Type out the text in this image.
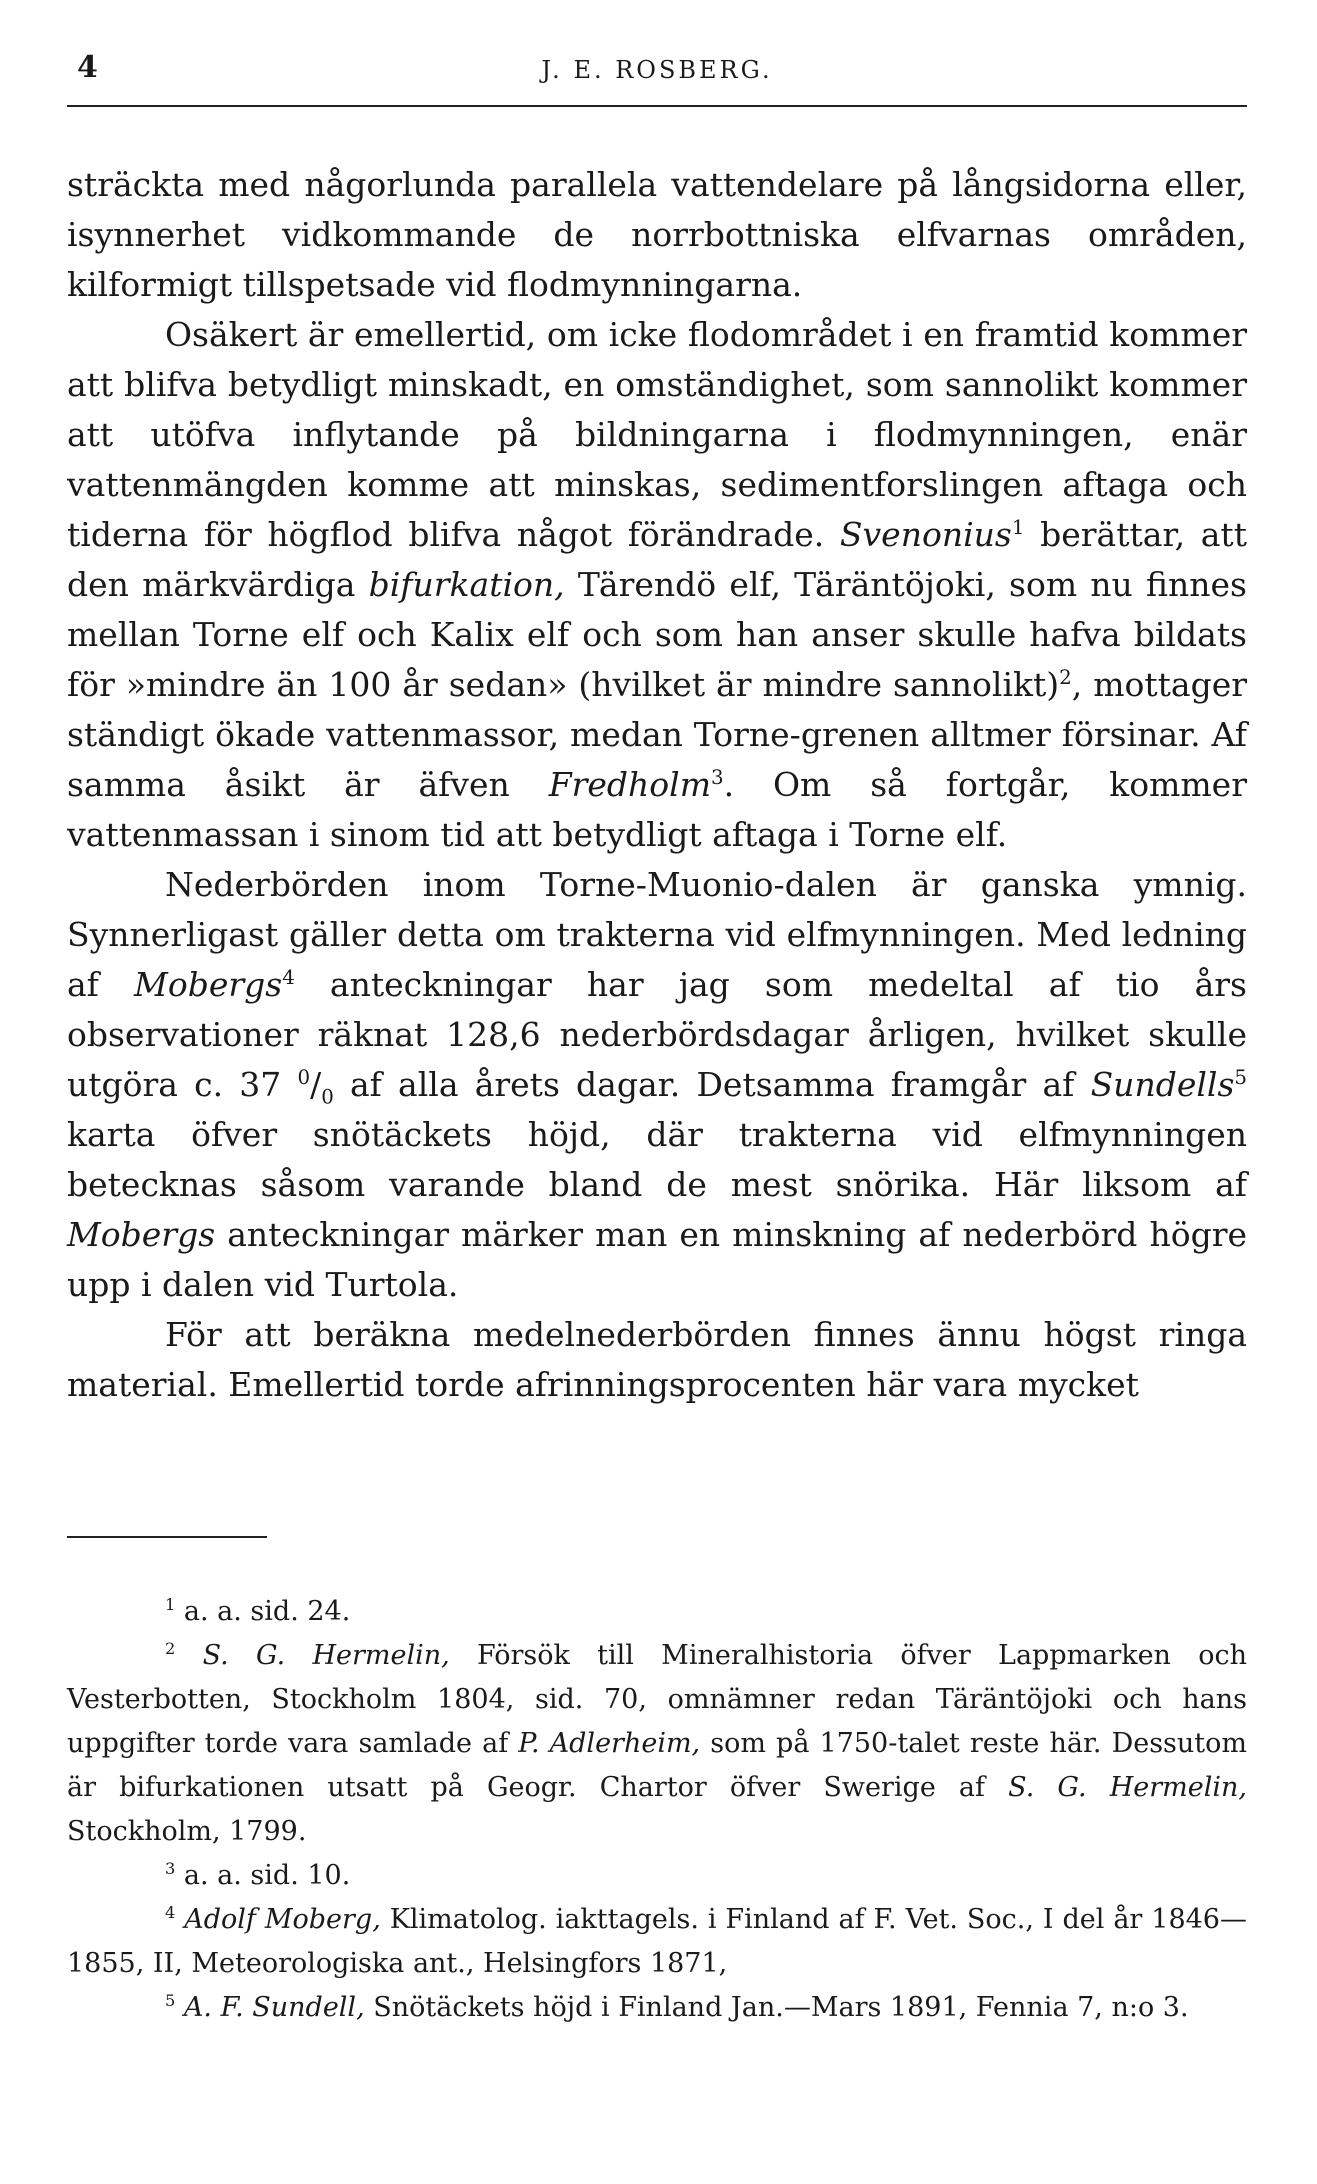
4	J. E. ROSBERG.

sträckta med någorlunda parallela vattendelare på långsidorna eller, isynnerhet vidkommande de norrbottniska elfvarnas områden, kilformigt tillspetsade vid flodmynningarna.

Osäkert är emellertid, om icke flodområdet i en framtid kommer att blifva betydligt minskadt, en omständighet, som sannolikt kommer att utöfva inflytande på bildningarna i flodmynningen, enär vattenmängden komme att minskas, sedimentforslingen aftaga och tiderna för högflod blifva något förändrade. Svenonius$^1$ berättar, att den märkvärdiga bifurkation, Tärendö elf, Täräntöjoki, som nu finnes mellan Torne elf och Kalix elf och som han anser skulle hafva bildats för »mindre än 100 år sedan» (hvilket är mindre sannolikt)$^2$, mottager ständigt ökade vattenmassor, medan Torne-grenen alltmer försinar. Af samma åsikt är äfven Fredholm$^3$. Om så fortgår, kommer vattenmassan i sinom tid att betydligt aftaga i Torne elf.

Nederbörden inom Torne-Muonio-dalen är ganska ymnig. Synnerligast gäller detta om trakterna vid elfmynningen. Med ledning af Mobergs$^4$ anteckningar har jag som medeltal af tio års observationer räknat 128,6 nederbördsdagar årligen, hvilket skulle utgöra c. 37 $^0/_0$ af alla årets dagar. Detsamma framgår af Sundells$^5$ karta öfver snötäckets höjd, där trakterna vid elfmynningen betecknas såsom varande bland de mest snörika. Här liksom af Mobergs anteckningar märker man en minskning af nederbörd högre upp i dalen vid Turtola.

För att beräkna medelnederbörden finnes ännu högst ringa material. Emellertid torde afrinningsprocenten här vara mycket

$^1$ a. a. sid. 24.

$^2$ S. G. Hermelin, Försök till Mineralhistoria öfver Lappmarken och Vesterbotten, Stockholm 1804, sid. 70, omnämner redan Täräntöjoki och hans uppgifter torde vara samlade af P. Adlerheim, som på 1750-talet reste här. Dessutom är bifurkationen utsatt på Geogr. Chartor öfver Swerige af S. G. Hermelin, Stockholm, 1799.

$^3$ a. a. sid. 10.

$^4$ Adolf Moberg, Klimatolog. iakttagels. i Finland af F. Vet. Soc., I del år 1846—1855, II, Meteorologiska ant., Helsingfors 1871,

$^5$ A. F. Sundell, Snötäckets höjd i Finland Jan.—Mars 1891, Fennia 7, n:o 3.
